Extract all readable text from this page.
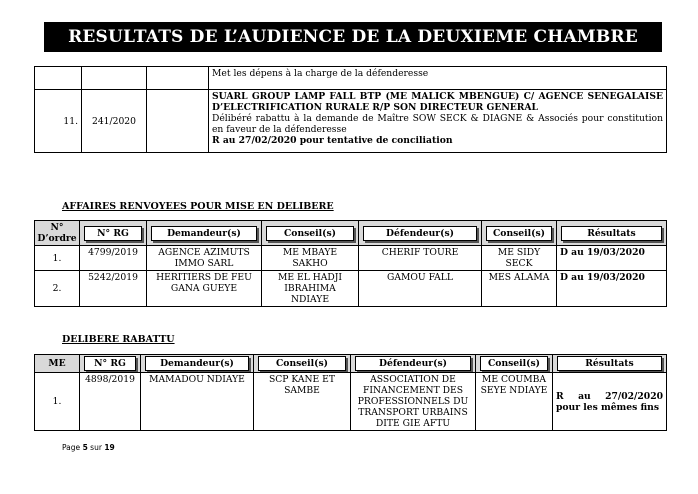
RESULTATS DE L’AUDIENCE DE LA DEUXIEME CHAMBRE
			Met les dépens à la charge de la défenderesse
11.	241/2020		SUARL GROUP LAMP FALL BTP (ME MALICK MBENGUE) C/ AGENCE SENEGALAISE D’ELECTRIFICATION RURALE R/P SON DIRECTEUR GENERAL
Délibéré rabattu à la demande de Maître SOW SECK & DIAGNE & Associés pour constitution en faveur de la défenderesse
R au 27/02/2020 pour tentative de conciliation
AFFAIRES RENVOYEES POUR MISE EN DELIBERE
N° D’ordre	N° RG	Demandeur(s)	Conseil(s)	Défendeur(s)	Conseil(s)	Résultats

1.	4799/2019	AGENCE AZIMUTS IMMO SARL	ME MBAYE SAKHO	CHERIF TOURE	ME SIDY SECK	D au 19/03/2020
2.	5242/2019	HERITIERS DE FEU GANA GUEYE	ME EL HADJI IBRAHIMA NDIAYE	GAMOU FALL	MES ALAMA	D au 19/03/2020
DELIBERE RABATTU
ME	N° RG	Demandeur(s)	Conseil(s)	Défendeur(s)	Conseil(s)	Résultats

1.	4898/2019	MAMADOU NDIAYE	SCP KANE ET SAMBE	ASSOCIATION DE FINANCEMENT DES PROFESSIONNELS DU TRANSPORT URBAINS DITE GIE AFTU	ME COUMBA SEYE NDIAYE	R au 27/02/2020 pour les mêmes fins
Page 5 sur 19
